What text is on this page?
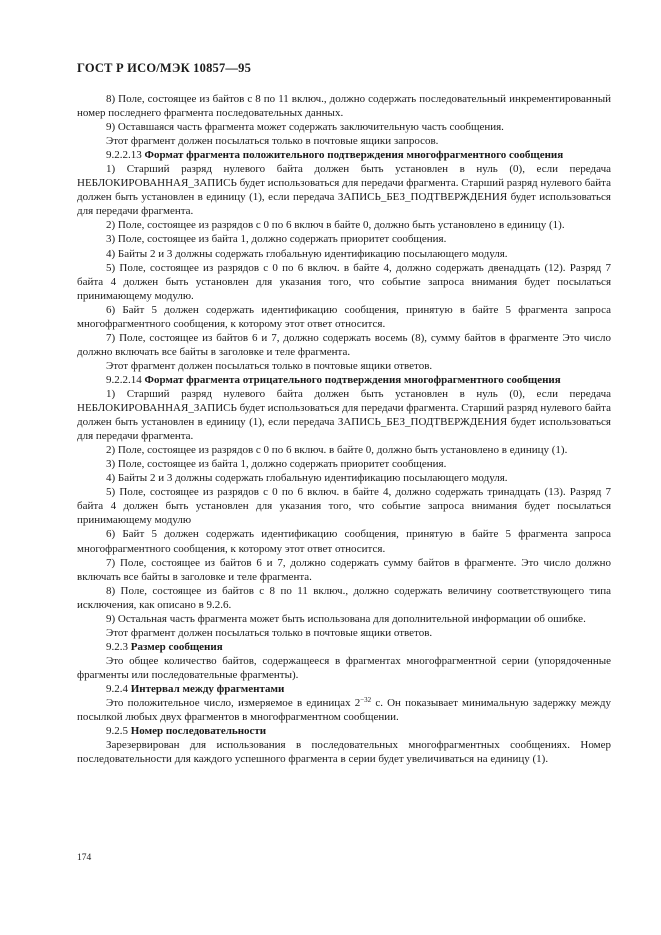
ГОСТ Р ИСО/МЭК 10857—95

8) Поле, состоящее из байтов с 8 по 11 включ., должно содержать последовательный инкрементированный номер последнего фрагмента последовательных данных.

9) Оставшаяся часть фрагмента может содержать заключительную часть сообщения.

Этот фрагмент должен посылаться только в почтовые ящики запросов.

9.2.2.13 Формат фрагмента положительного подтверждения многофрагментного сообщения

1) Старший разряд нулевого байта должен быть установлен в нуль (0), если передача НЕБЛОКИРОВАННАЯ_ЗАПИСЬ будет использоваться для передачи фрагмента. Старший разряд нулевого байта должен быть установлен в единицу (1), если передача ЗАПИСЬ_БЕЗ_ПОДТВЕРЖДЕНИЯ будет использоваться для передачи фрагмента.

2) Поле, состоящее из разрядов с 0 по 6 включ в байте 0, должно быть установлено в единицу (1).

3) Поле, состоящее из байта 1, должно содержать приоритет сообщения.

4) Байты 2 и 3 должны содержать глобальную идентификацию посылающего модуля.

5) Поле, состоящее из разрядов с 0 по 6 включ. в байте 4, должно содержать двенадцать (12). Разряд 7 байта 4 должен быть установлен для указания того, что событие запроса внимания будет посылаться принимающему модулю.

6) Байт 5 должен содержать идентификацию сообщения, принятую в байте 5 фрагмента запроса многофрагментного сообщения, к которому этот ответ относится.

7) Поле, состоящее из байтов 6 и 7, должно содержать восемь (8), сумму байтов в фрагменте Это число должно включать все байты в заголовке и теле фрагмента.

Этот фрагмент должен посылаться только в почтовые ящики ответов.

9.2.2.14 Формат фрагмента отрицательного подтверждения многофрагментного сообщения

1) Старший разряд нулевого байта должен быть установлен в нуль (0), если передача НЕБЛОКИРОВАННАЯ_ЗАПИСЬ будет использоваться для передачи фрагмента. Старший разряд нулевого байта должен быть установлен в единицу (1), если передача ЗАПИСЬ_БЕЗ_ПОДТВЕРЖДЕНИЯ будет использоваться для передачи фрагмента.

2) Поле, состоящее из разрядов с 0 по 6 включ. в байте 0, должно быть установлено в единицу (1).

3) Поле, состоящее из байта 1, должно содержать приоритет сообщения.

4) Байты 2 и 3 должны содержать глобальную идентификацию посылающего модуля.

5) Поле, состоящее из разрядов с 0 по 6 включ. в байте 4, должно содержать тринадцать (13). Разряд 7 байта 4 должен быть установлен для указания того, что событие запроса внимания будет посылаться принимающему модулю

6) Байт 5 должен содержать идентификацию сообщения, принятую в байте 5 фрагмента запроса многофрагментного сообщения, к которому этот ответ относится.

7) Поле, состоящее из байтов 6 и 7, должно содержать сумму байтов в фрагменте. Это число должно включать все байты в заголовке и теле фрагмента.

8) Поле, состоящее из байтов с 8 по 11 включ., должно содержать величину соответствующего типа исключения, как описано в 9.2.6.

9) Остальная часть фрагмента может быть использована для дополнительной информации об ошибке.

Этот фрагмент должен посылаться только в почтовые ящики ответов.

9.2.3 Размер сообщения

Это общее количество байтов, содержащееся в фрагментах многофрагментной серии (упорядоченные фрагменты или последовательные фрагменты).

9.2.4 Интервал между фрагментами

Это положительное число, измеряемое в единицах $2^{-32}$ с. Он показывает минимальную задержку между посылкой любых двух фрагментов в многофрагментном сообщении.

9.2.5 Номер последовательности

Зарезервирован для использования в последовательных многофрагментных сообщениях. Номер последовательности для каждого успешного фрагмента в серии будет увеличиваться на единицу (1).

174
